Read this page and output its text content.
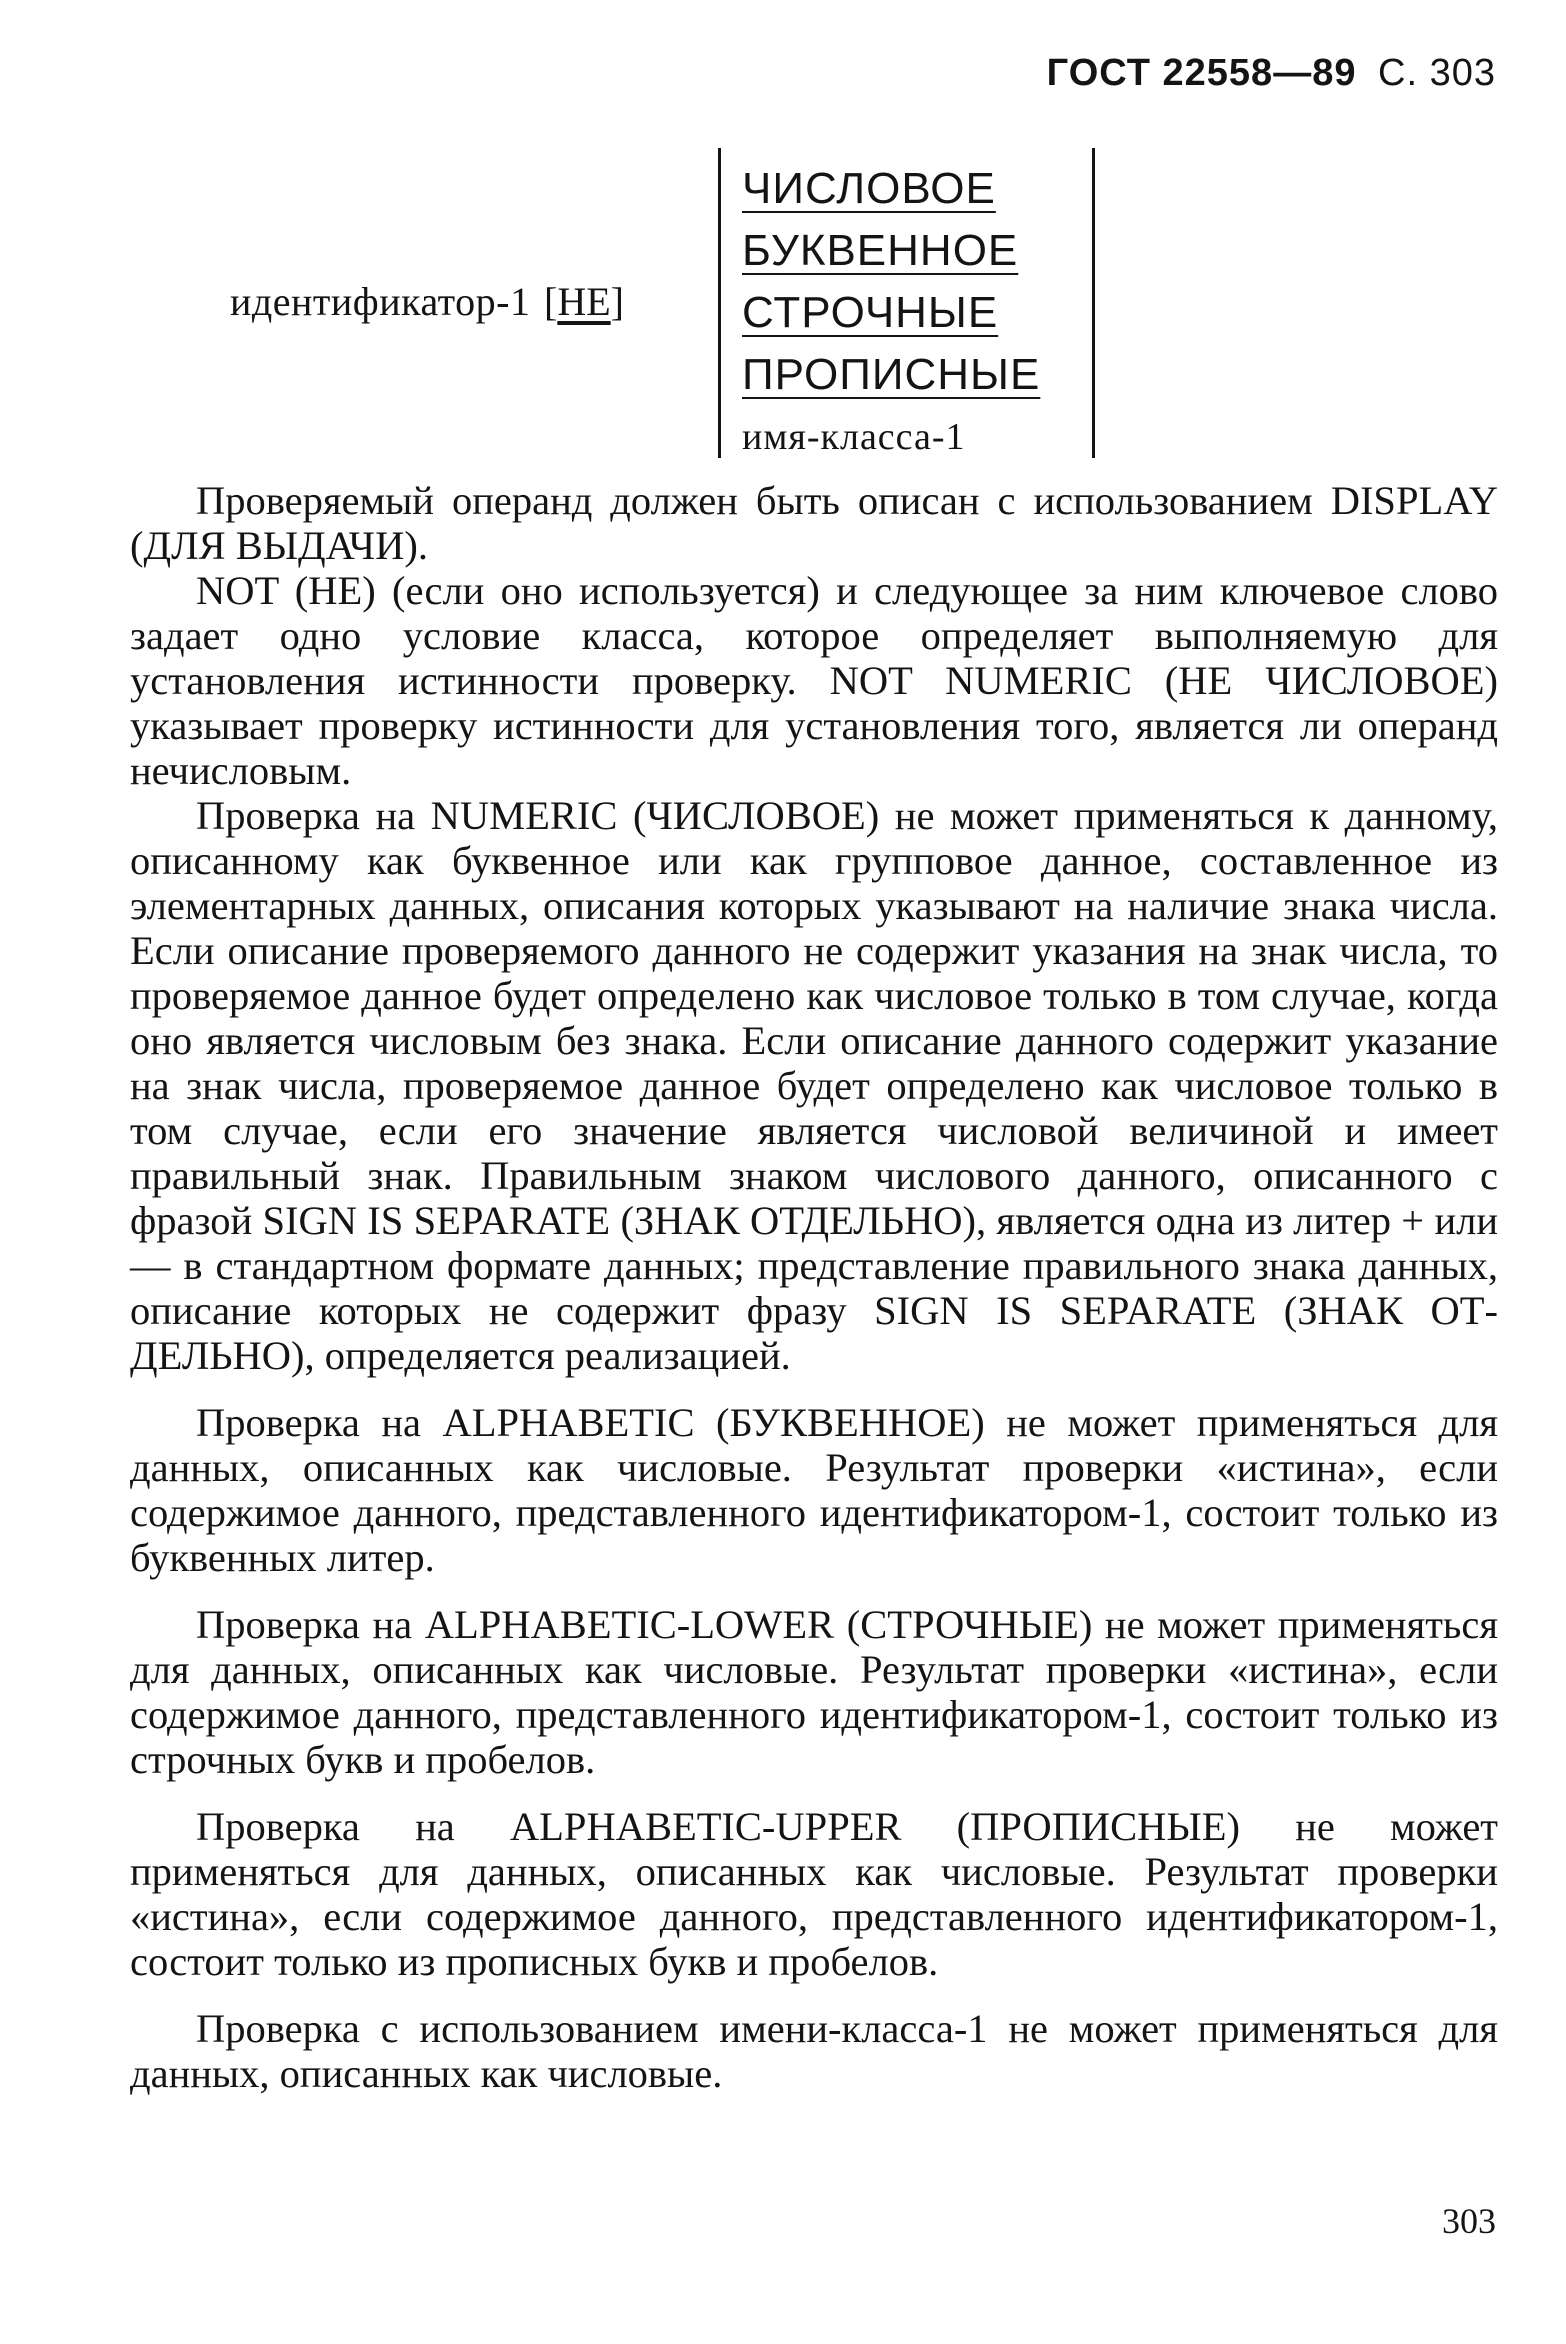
ГОСТ 22558—89 С. 303
идентификатор-1 [НЕ]
ЧИСЛОВОЕ
БУКВЕННОЕ
СТРОЧНЫЕ
ПРОПИСНЫЕ
имя-класса-1

Проверяемый операнд должен быть описан с использованием DISPLAY (ДЛЯ ВЫДАЧИ).

NOT (НЕ) (если оно используется) и следующее за ним ключевое слово задает одно условие класса, которое определяет выполняемую для установления истинности проверку. NOT NUMERIC (НЕ ЧИСЛОВОЕ) указывает проверку истинности для установления того, является ли операнд нечисловым.

Проверка на NUMERIC (ЧИСЛОВОЕ) не может применяться к данному, описанному как буквенное или как групповое данное, составленное из элементарных данных, описания которых указывают на наличие знака числа. Если описание проверяемого данного не содержит указания на знак числа, то проверяемое данное будет определено как числовое только в том случае, когда оно является числовым без знака. Если описание данного содержит указание на знак числа, проверяемое данное будет определено как числовое только в том случае, если его значение является числовой величиной и имеет правильный знак. Правильным знаком числового данного, описанного с фразой SIGN IS SEPARATE (ЗНАК ОТДЕЛЬНО), является одна из литер + или — в стандартном формате данных; представление правильного знака данных, описание которых не содержит фразу SIGN IS SEPARATE (ЗНАК ОТДЕЛЬНО), определяется реализацией.

Проверка на ALPHABETIC (БУКВЕННОЕ) не может применяться для данных, описанных как числовые. Результат проверки «истина», если содержимое данного, представленного идентификатором-1, состоит только из буквенных литер.

Проверка на ALPHABETIC-LOWER (СТРОЧНЫЕ) не может применяться для данных, описанных как числовые. Результат проверки «истина», если содержимое данного, представленного идентификатором-1, состоит только из строчных букв и пробелов.

Проверка на ALPHABETIC-UPPER (ПРОПИСНЫЕ) не может применяться для данных, описанных как числовые. Результат проверки «истина», если содержимое данного, представленного идентификатором-1, состоит только из прописных букв и пробелов.

Проверка с использованием имени-класса-1 не может применяться для данных, описанных как числовые.

303
